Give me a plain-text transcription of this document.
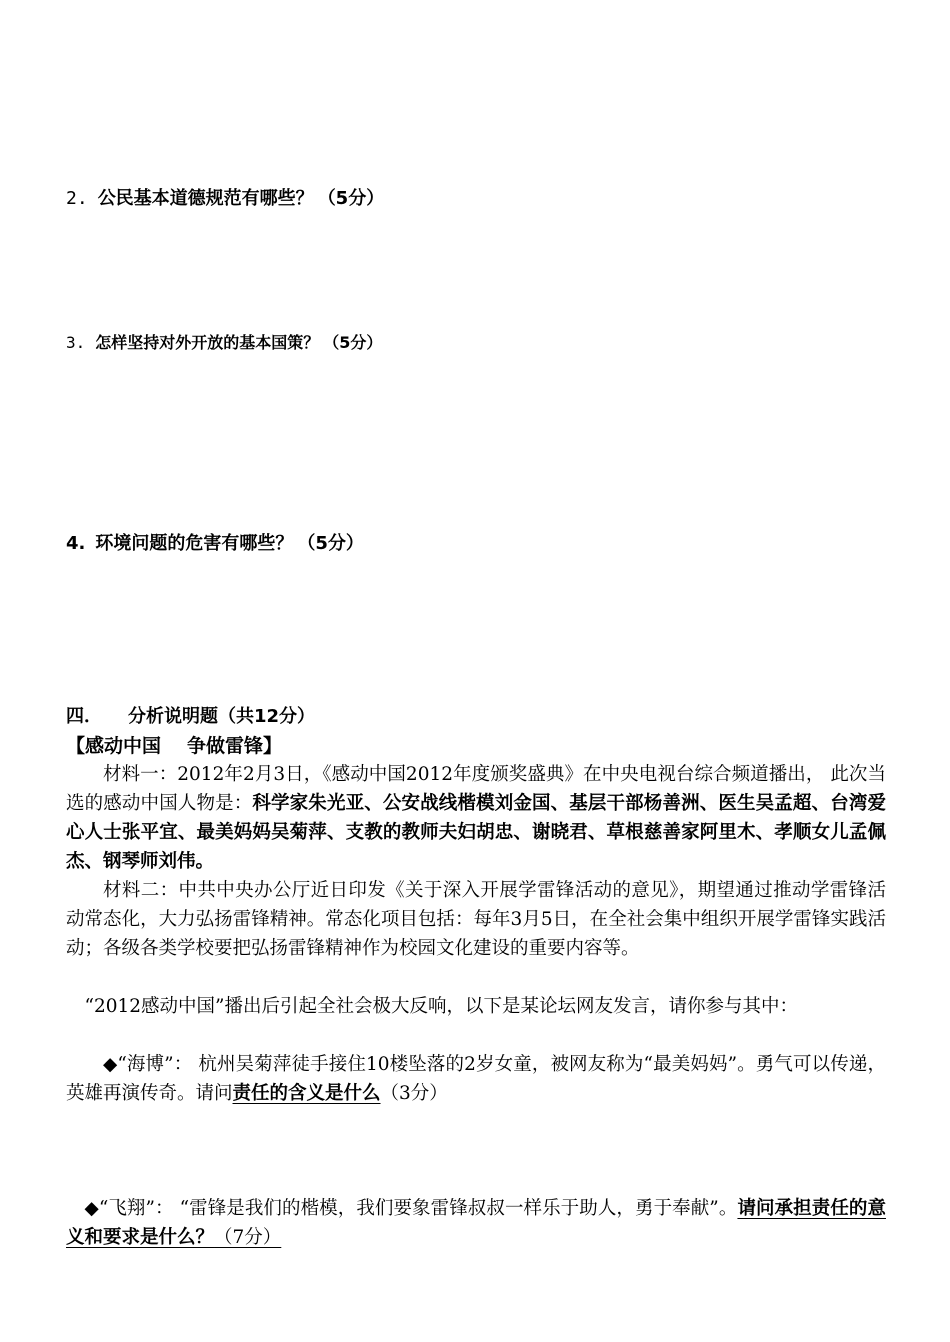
2. 公民基本道德规范有哪些？ （5分）
3. 怎样坚持对外开放的基本国策？ （5分）
4. 环境问题的危害有哪些？ （5分）
四． 分析说明题（共12分）
【感动中国 争做雷锋】
材料一：2012年2月3日，《感动中国2012年度颁奖盛典》在中央电视台综合频道播出， 此次当选的感动中国人物是：科学家朱光亚、公安战线楷模刘金国、基层干部杨善洲、医生吴孟超、台湾爱心人士张平宜、最美妈妈吴菊萍、支教的教师夫妇胡忠、谢晓君、草根慈善家阿里木、孝顺女儿孟佩杰、钢琴师刘伟。
材料二：中共中央办公厅近日印发《关于深入开展学雷锋活动的意见》，期望通过推动学雷锋活动常态化，大力弘扬雷锋精神。常态化项目包括：每年3月5日，在全社会集中组织开展学雷锋实践活动；各级各类学校要把弘扬雷锋精神作为校园文化建设的重要内容等。
“2012感动中国”播出后引起全社会极大反响，以下是某论坛网友发言，请你参与其中：
◆“海博”： 杭州吴菊萍徒手接住10楼坠落的2岁女童，被网友称为“最美妈妈”。勇气可以传递，英雄再演传奇。请问责任的含义是什么（3分）
◆“飞翔”： “雷锋是我们的楷模，我们要象雷锋叔叔一样乐于助人，勇于奉献”。请问承担责任的意义和要求是什么？（7分）
